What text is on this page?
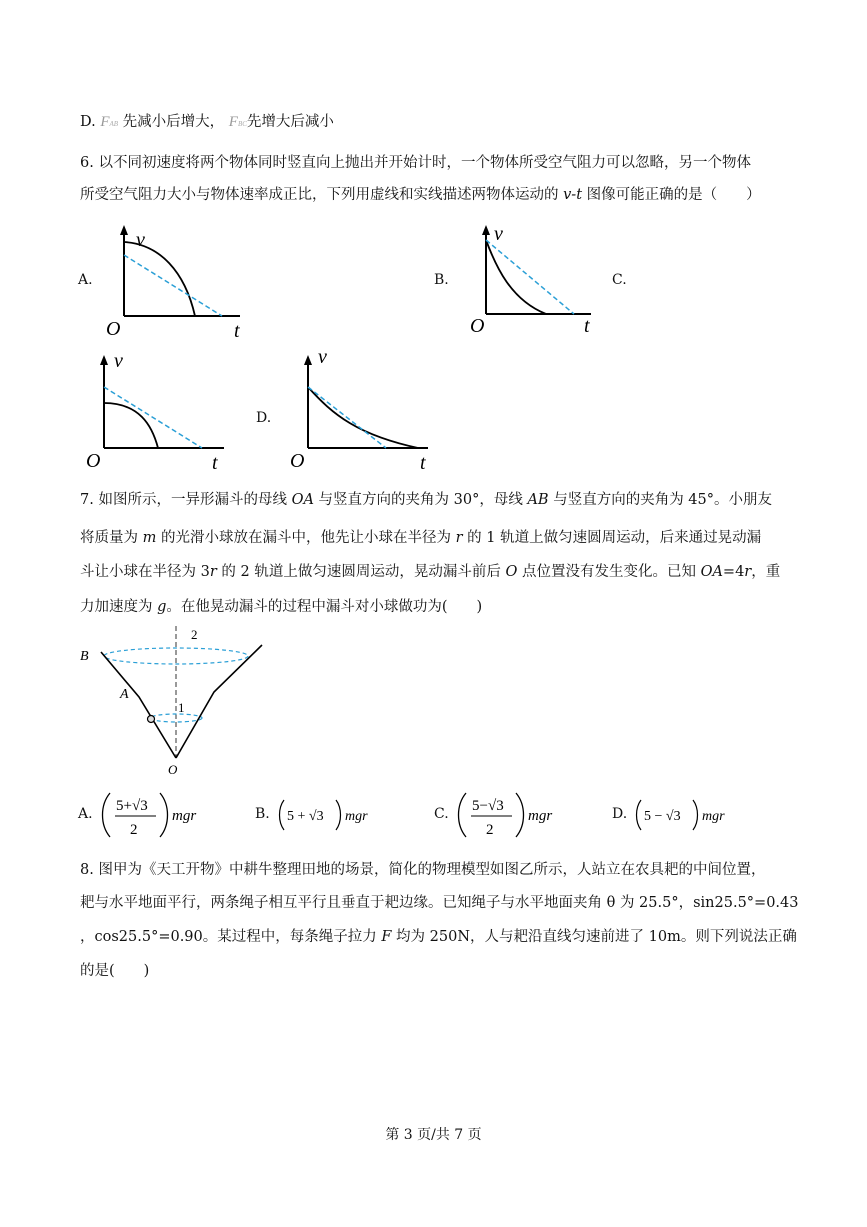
D. FAB 先减小后增大， FBC先增大后减小
6. 以不同初速度将两个物体同时竖直向上抛出并开始计时，一个物体所受空气阻力可以忽略，另一个物体
所受空气阻力大小与物体速率成正比，下列用虚线和实线描述两物体运动的 v-t 图像可能正确的是（　　）
A.
v
O	t
B.
v
O	t
C.
v
O	t
D.
v
O	t
7. 如图所示，一异形漏斗的母线 OA 与竖直方向的夹角为 30°，母线 AB 与竖直方向的夹角为 45°。小朋友
将质量为 m 的光滑小球放在漏斗中，他先让小球在半径为 r 的 1 轨道上做匀速圆周运动，后来通过晃动漏
斗让小球在半径为 3r 的 2 轨道上做匀速圆周运动，晃动漏斗前后 O 点位置没有发生变化。已知 OA=4r，重
力加速度为 g。在他晃动漏斗的过程中漏斗对小球做功为(　　)
B
A
O
1
2
A. 5+√3
2
mgr	B. 5 + √3 mgr	C. 5−√3
2
mgr	D. 5 − √3 mgr
8. 图甲为《天工开物》中耕牛整理田地的场景，简化的物理模型如图乙所示，人站立在农具耙的中间位置，
耙与水平地面平行，两条绳子相互平行且垂直于耙边缘。已知绳子与水平地面夹角 θ 为 25.5°，sin25.5°=0.43
，cos25.5°=0.90。某过程中，每条绳子拉力 F 均为 250N，人与耙沿直线匀速前进了 10m。则下列说法正确
的是(　　)
第 3 页/共 7 页
